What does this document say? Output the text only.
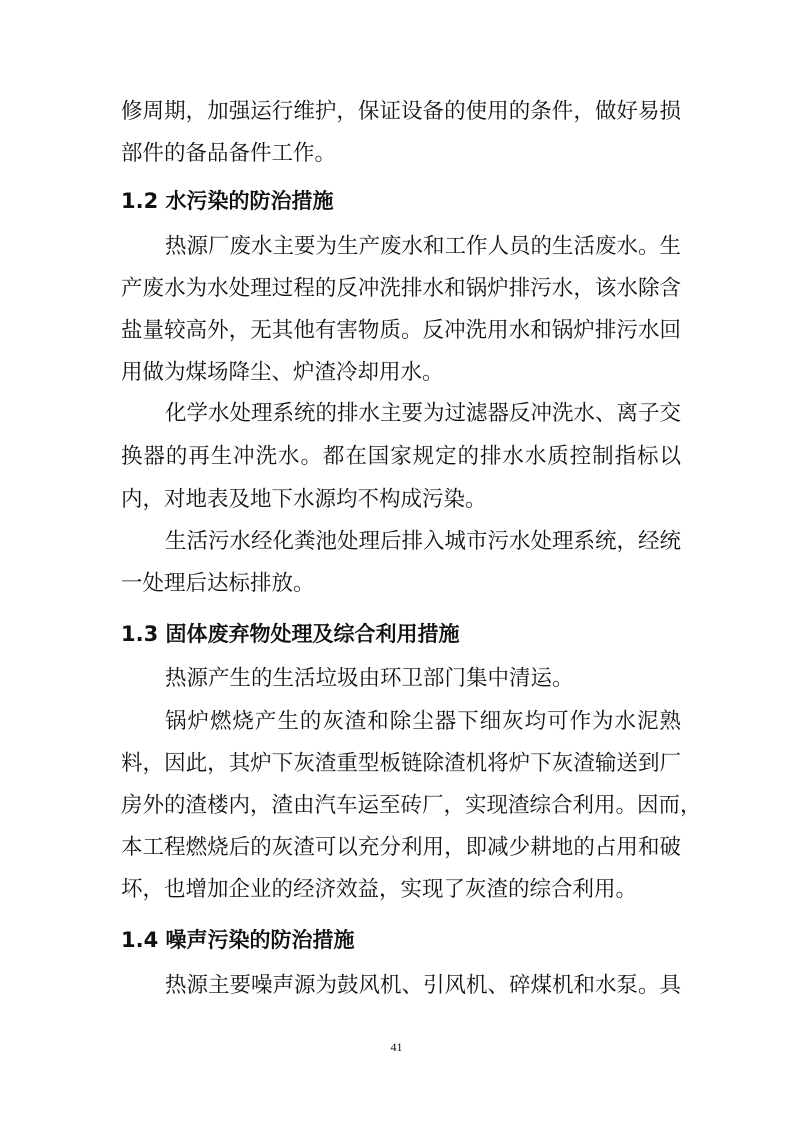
修周期，加强运行维护，保证设备的使用的条件，做好易损
部件的备品备件工作。
1.2 水污染的防治措施
热源厂废水主要为生产废水和工作人员的生活废水。生
产废水为水处理过程的反冲洗排水和锅炉排污水，该水除含
盐量较高外，无其他有害物质。反冲洗用水和锅炉排污水回
用做为煤场降尘、炉渣冷却用水。
化学水处理系统的排水主要为过滤器反冲洗水、离子交
换器的再生冲洗水。都在国家规定的排水水质控制指标以
内，对地表及地下水源均不构成污染。
生活污水经化粪池处理后排入城市污水处理系统，经统
一处理后达标排放。
1.3 固体废弃物处理及综合利用措施
热源产生的生活垃圾由环卫部门集中清运。
锅炉燃烧产生的灰渣和除尘器下细灰均可作为水泥熟
料，因此，其炉下灰渣重型板链除渣机将炉下灰渣输送到厂
房外的渣楼内，渣由汽车运至砖厂，实现渣综合利用。因而，
本工程燃烧后的灰渣可以充分利用，即减少耕地的占用和破
坏，也增加企业的经济效益，实现了灰渣的综合利用。
1.4 噪声污染的防治措施
热源主要噪声源为鼓风机、引风机、碎煤机和水泵。具
41
